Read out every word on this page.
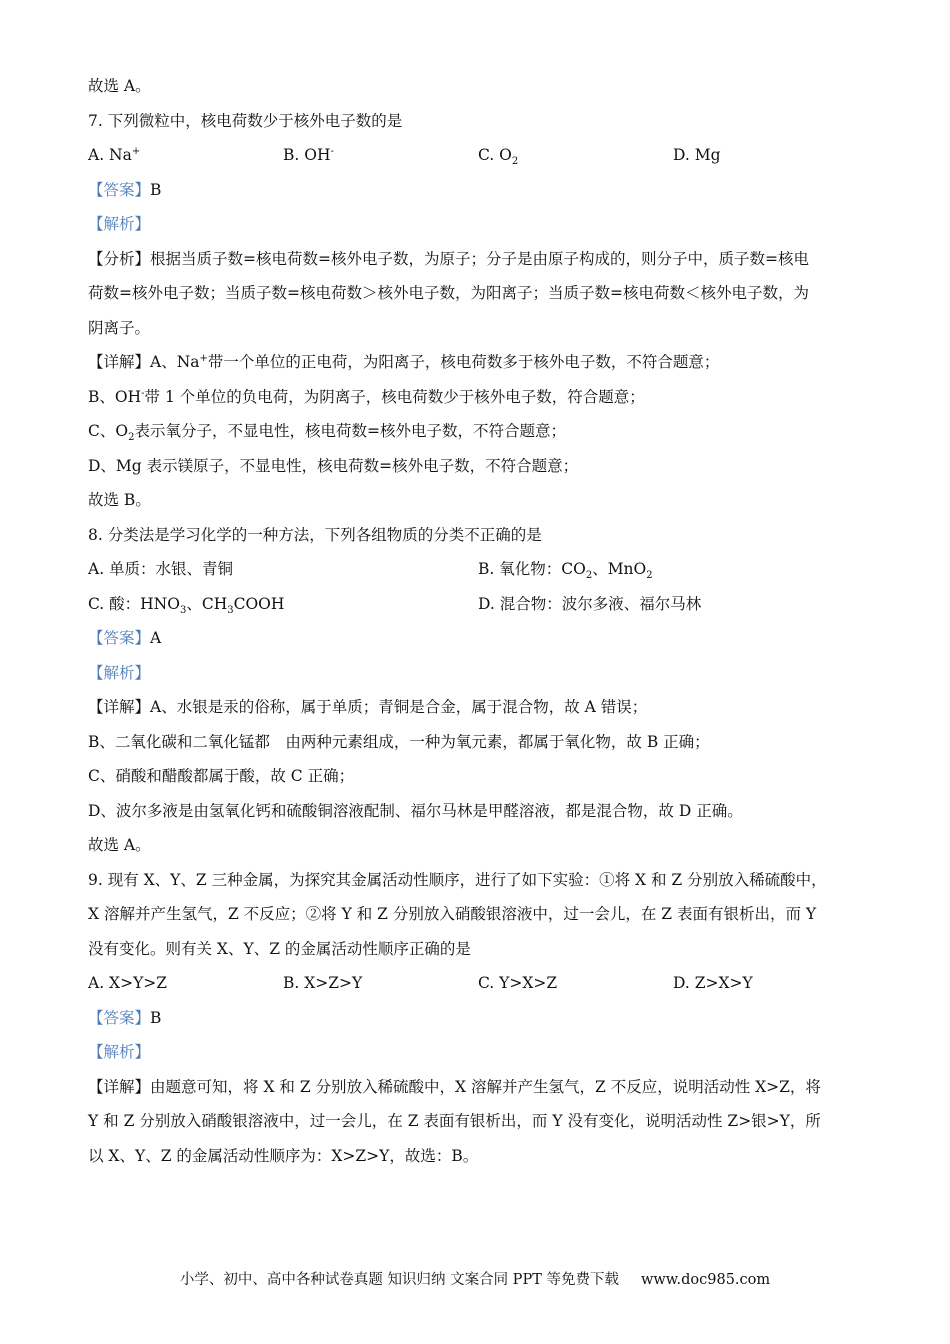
故选 A。
7. 下列微粒中，核电荷数少于核外电子数的是
A. Na+	B. OH-	C. $O_2$	D. Mg
【答案】B
【解析】
【分析】根据当质子数=核电荷数=核外电子数，为原子；分子是由原子构成的，则分子中，质子数=核电
荷数=核外电子数；当质子数=核电荷数＞核外电子数，为阳离子；当质子数=核电荷数＜核外电子数，为
阴离子。
【详解】A、Na+带一个单位的正电荷，为阳离子，核电荷数多于核外电子数，不符合题意；
B、OH-带 1 个单位的负电荷，为阴离子，核电荷数少于核外电子数，符合题意；
C、$O_2$表示氧分子，不显电性，核电荷数=核外电子数，不符合题意；
D、Mg 表示镁原子，不显电性，核电荷数=核外电子数，不符合题意；
故选 B。
8. 分类法是学习化学的一种方法，下列各组物质的分类不正确的是
A. 单质：水银、青铜	B. 氧化物：$CO_2$、MnO$_2$
C. 酸：$HNO_3$、$CH_3COOH$	D. 混合物：波尔多液、福尔马林
【答案】A
【解析】
【详解】A、水银是汞的俗称，属于单质；青铜是合金，属于混合物，故 A 错误；
B、二氧化碳和二氧化锰都　由两种元素组成，一种为氧元素，都属于氧化物，故 B 正确；
C、硝酸和醋酸都属于酸，故 C 正确；
D、波尔多液是由氢氧化钙和硫酸铜溶液配制、福尔马林是甲醛溶液，都是混合物，故 D 正确。
故选 A。
9. 现有 X、Y、Z 三种金属，为探究其金属活动性顺序，进行了如下实验：①将 X 和 Z 分别放入稀硫酸中，
X 溶解并产生氢气，Z 不反应；②将 Y 和 Z 分别放入硝酸银溶液中，过一会儿，在 Z 表面有银析出，而 Y
没有变化。则有关 X、Y、Z 的金属活动性顺序正确的是
A. X>Y>Z	B. X>Z>Y	C. Y>X>Z	D. Z>X>Y
【答案】B
【解析】
【详解】由题意可知，将 X 和 Z 分别放入稀硫酸中，X 溶解并产生氢气，Z 不反应，说明活动性 X>Z，将
Y 和 Z 分别放入硝酸银溶液中，过一会儿，在 Z 表面有银析出，而 Y 没有变化，说明活动性 Z>银>Y，所
以 X、Y、Z 的金属活动性顺序为：X>Z>Y，故选：B。
小学、初中、高中各种试卷真题 知识归纳 文案合同 PPT 等免费下载 www.doc985.com
